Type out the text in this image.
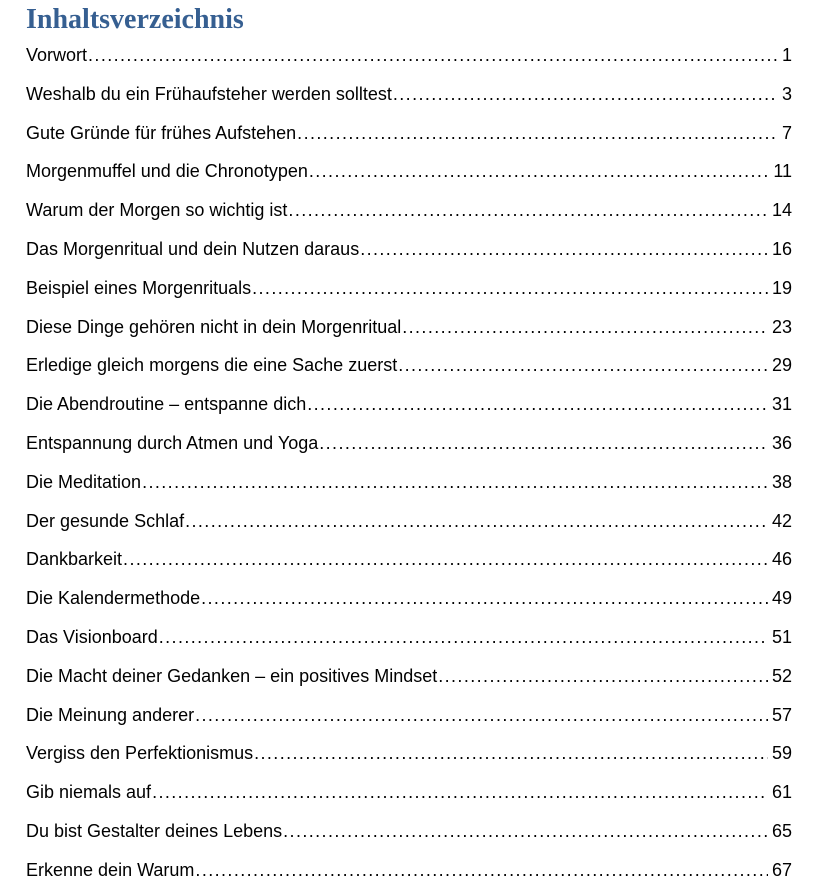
Inhaltsverzeichnis
Vorwort .....	1
Weshalb du ein Frühaufsteher werden solltest .....	3
Gute Gründe für frühes Aufstehen .....	7
Morgenmuffel und die Chronotypen .....	11
Warum der Morgen so wichtig ist .....	14
Das Morgenritual und dein Nutzen daraus .....	16
Beispiel eines Morgenrituals .....	19
Diese Dinge gehören nicht in dein Morgenritual .....	23
Erledige gleich morgens die eine Sache zuerst .....	29
Die Abendroutine – entspanne dich .....	31
Entspannung durch Atmen und Yoga .....	36
Die Meditation .....	38
Der gesunde Schlaf .....	42
Dankbarkeit .....	46
Die Kalendermethode .....	49
Das Visionboard .....	51
Die Macht deiner Gedanken – ein positives Mindset .....	52
Die Meinung anderer .....	57
Vergiss den Perfektionismus .....	59
Gib niemals auf .....	61
Du bist Gestalter deines Lebens .....	65
Erkenne dein Warum .....	67
